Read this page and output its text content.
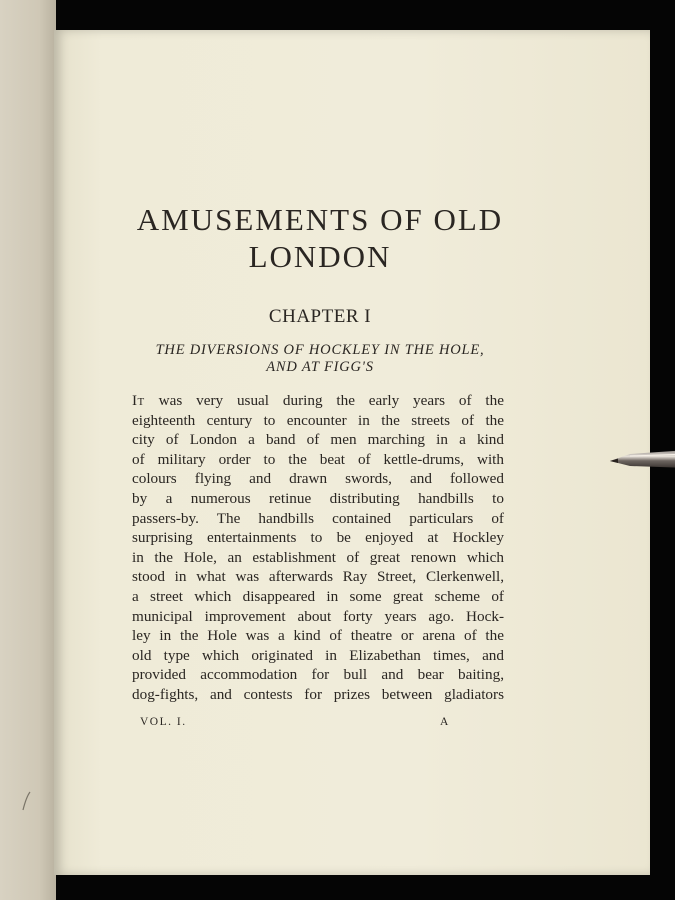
AMUSEMENTS OF OLD
LONDON
CHAPTER I
THE DIVERSIONS OF HOCKLEY IN THE HOLE,
AND AT FIGG'S
It was very usual during the early years of the
eighteenth century to encounter in the streets of the
city of London a band of men marching in a kind
of military order to the beat of kettle-drums, with
colours flying and drawn swords, and followed
by a numerous retinue distributing handbills to
passers-by. The handbills contained particulars of
surprising entertainments to be enjoyed at Hockley
in the Hole, an establishment of great renown which
stood in what was afterwards Ray Street, Clerkenwell,
a street which disappeared in some great scheme of
municipal improvement about forty years ago. Hock-
ley in the Hole was a kind of theatre or arena of the
old type which originated in Elizabethan times, and
provided accommodation for bull and bear baiting,
dog-fights, and contests for prizes between gladiators
VOL. I.	A
